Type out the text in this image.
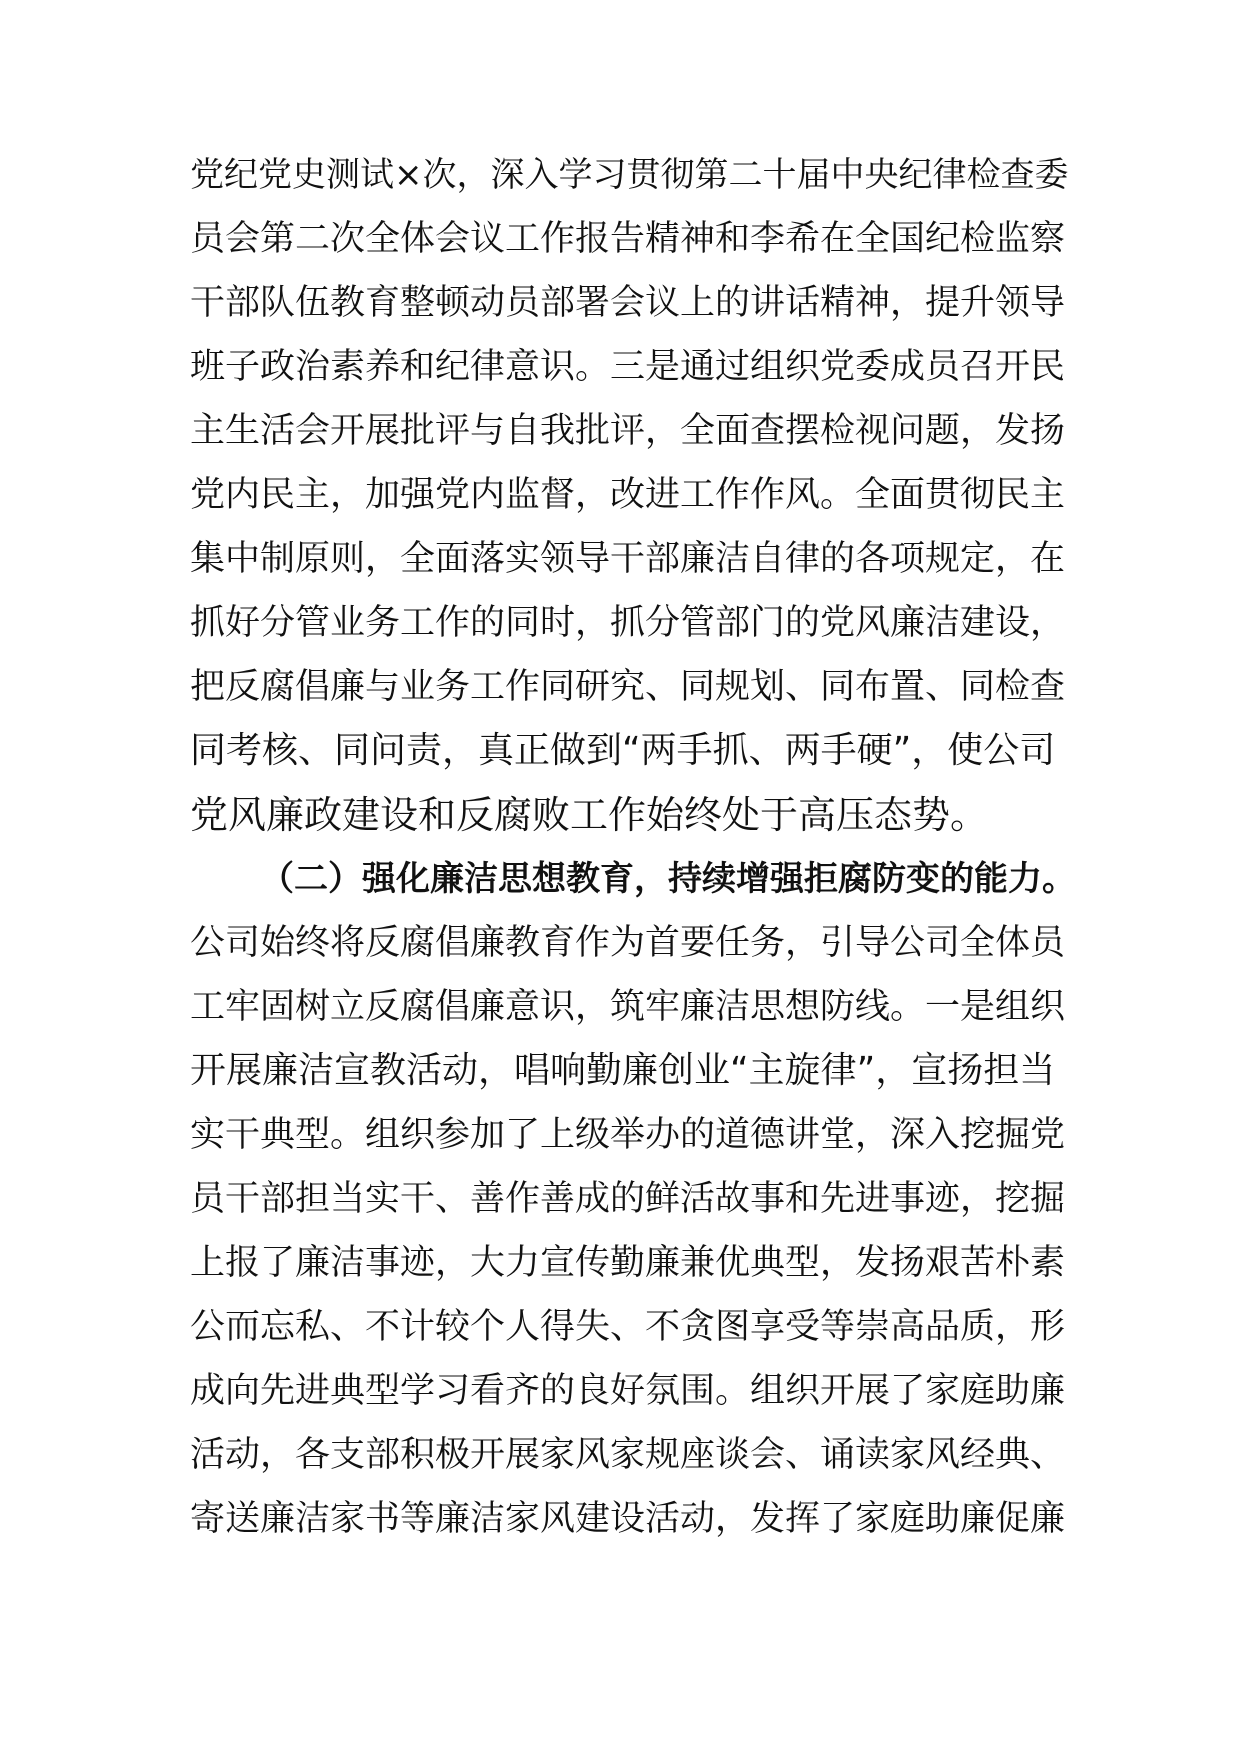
党纪党史测试×次，深入学习贯彻第二十届中央纪律检查委
员会第二次全体会议工作报告精神和李希在全国纪检监察
干部队伍教育整顿动员部署会议上的讲话精神，提升领导
班子政治素养和纪律意识。三是通过组织党委成员召开民
主生活会开展批评与自我批评，全面查摆检视问题，发扬
党内民主，加强党内监督，改进工作作风。全面贯彻民主
集中制原则，全面落实领导干部廉洁自律的各项规定，在
抓好分管业务工作的同时，抓分管部门的党风廉洁建设，
把反腐倡廉与业务工作同研究、同规划、同布置、同检查
同考核、同问责，真正做到“两手抓、两手硬”，使公司
党风廉政建设和反腐败工作始终处于高压态势。
（二）强化廉洁思想教育，持续增强拒腐防变的能力。
公司始终将反腐倡廉教育作为首要任务，引导公司全体员
工牢固树立反腐倡廉意识，筑牢廉洁思想防线。一是组织
开展廉洁宣教活动，唱响勤廉创业“主旋律”，宣扬担当
实干典型。组织参加了上级举办的道德讲堂，深入挖掘党
员干部担当实干、善作善成的鲜活故事和先进事迹，挖掘
上报了廉洁事迹，大力宣传勤廉兼优典型，发扬艰苦朴素
公而忘私、不计较个人得失、不贪图享受等崇高品质，形
成向先进典型学习看齐的良好氛围。组织开展了家庭助廉
活动，各支部积极开展家风家规座谈会、诵读家风经典、
寄送廉洁家书等廉洁家风建设活动，发挥了家庭助廉促廉
